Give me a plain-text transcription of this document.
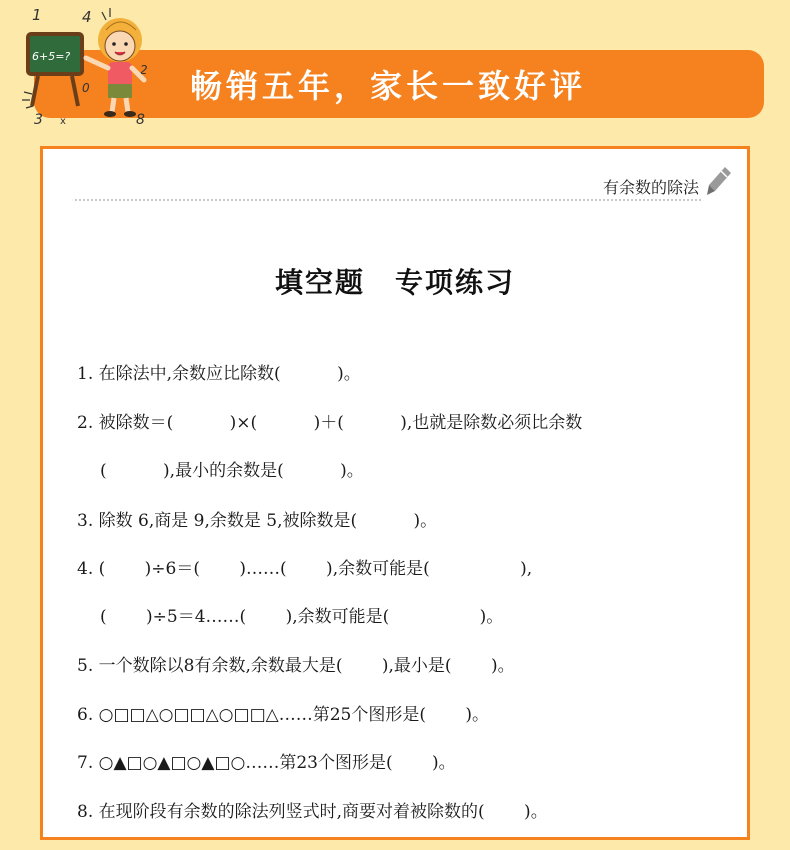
畅销五年，家长一致好评
1	4
2
0
3 x	8
6+5=?
有余数的除法
填空题　专项练习
1. 在除法中,余数应比除数(　　　 )。
2. 被除数＝(　　　 )×(　　　 )＋(　　　 ),也就是除数必须比余数
(　　　 ),最小的余数是(　　　 )。
3. 除数 6,商是 9,余数是 5,被除数是(　　　 )。
4. (　　 )÷6＝(　　 )……(　　 ),余数可能是(　　　　　 ),
(　　 )÷5＝4……(　　 ),余数可能是(　　　　　 )。
5. 一个数除以8有余数,余数最大是(　　 ),最小是(　　 )。
6. ○□□△○□□△○□□△……第25个图形是(　　 )。
7. ○▲□○▲□○▲□○……第23个图形是(　　 )。
8. 在现阶段有余数的除法列竖式时,商要对着被除数的(　　 )。
